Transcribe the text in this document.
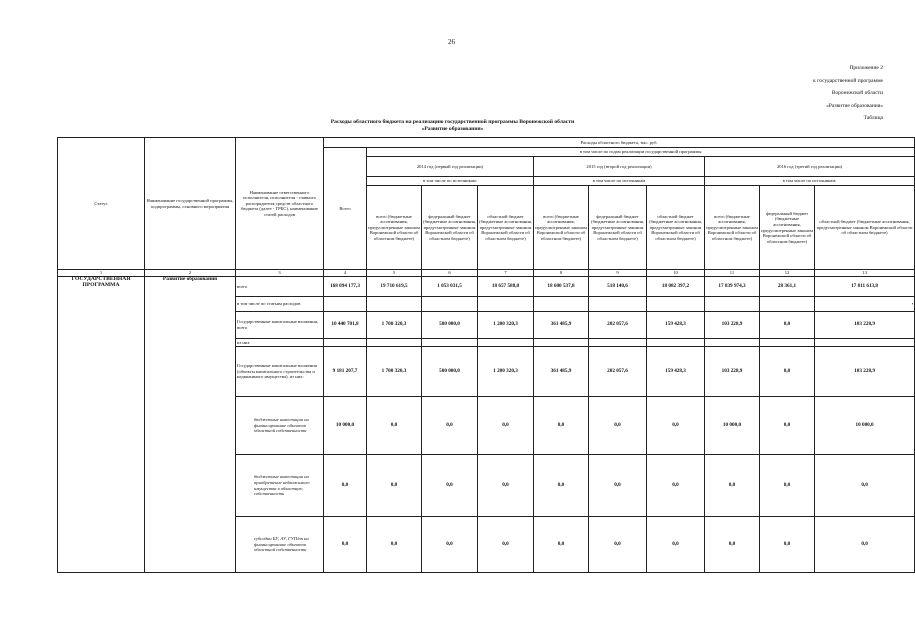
26
Приложение 2
к государственной программе
Воронежской области
«Развитие образования»
Таблица
Расходы областного бюджета на реализацию государственной программы Воронежской области
«Развитие образования»
Статус	Наименование государственной программы, подпрограммы, основного мероприятия	Наименование ответственного исполнителя, исполнителя - главного распорядителя средств областного бюджета (далее - ГРБС), наименование статей расходов	Расходы областного бюджета, тыс. руб.									
			Всего	в том числе по годам реализации государственной программы								
				2014 год (первый год реализации)			2015 год (второй год реализации)			2016 год (третий год реализации)		
				в том числе по источникам:			в том числе по источникам			в том числе по источникам:		
				всего (бюджетные ассигнования, предусмотренные законом Воронежской области об областном бюджете)	федеральный бюджет (бюджетные ассигнования, предусмотренные законом Воронежской области об областном бюджете)	областной бюджет (бюджетные ассигнования, предусмотренные законом Воронежской области об областном бюджете)	всего (бюджетные ассигнования, предусмотренные законом Воронежской области об областном бюджете)	федеральный бюджет (бюджетные ассигнования, предусмотренные законом Воронежской области об областном бюджете)	областной бюджет (бюджетные ассигнования, предусмотренные законом Воронежской области об областном бюджете)	всего (бюджетные ассигнования, предусмотренные законом Воронежской области об областном бюджете)	федеральный бюджет (бюджетные ассигнования, предусмотренные законом Воронежской области об областном бюджете)	областной бюджет (бюджетные ассигнования, предусмотренные законом Воронежской области об областном бюджете)
1	2	3	4	5	6	7	8	9	10	11	12	13
ГОСУДАРСТВЕННАЯ ПРОГРАММА	Развитие образования	всего	168 094 177,3	19 710 619,5	1 053 031,5	18 657 588,0	18 600 537,8	518 140,6	18 082 397,2	17 839 974,3	28 361,1	17 811 613,8
		в том числе по статьям расходов										,
		Государственные капитальные вложения, всего	10 440 701,8	1 700 320,3	500 000,0	1 200 320,3	361 485,9	202 057,6	159 428,3	103 228,9	0,0	103 228,9
		из них										
		Государственные капитальные вложения (объекты капитального строительства и недвижимого имущества), из них:	9 181 207,7	1 700 320,3	500 000,0	1 200 320,3	361 485,9	202 057,6	159 428,3	103 228,9	0,0	103 228,9
		бюджетные инвестиции на финансирование объектов областной собственности	10 000,0	0,0	0,0	0,0	0,0	0,0	0,0	10 000,0	0,0	10 000,0
		бюджетные инвестиции на приобретение недвижимого имущества в областную собственность	0,0	0,0	0,0	0,0	0,0	0,0	0,0	0,0	0,0	0,0
		субсидии БУ, АУ, ГУП/пп на финансирование объектов областной собственности	0,0	0,0	0,0	0,0	0,0	0,0	0,0	0,0	0,0	0,0
